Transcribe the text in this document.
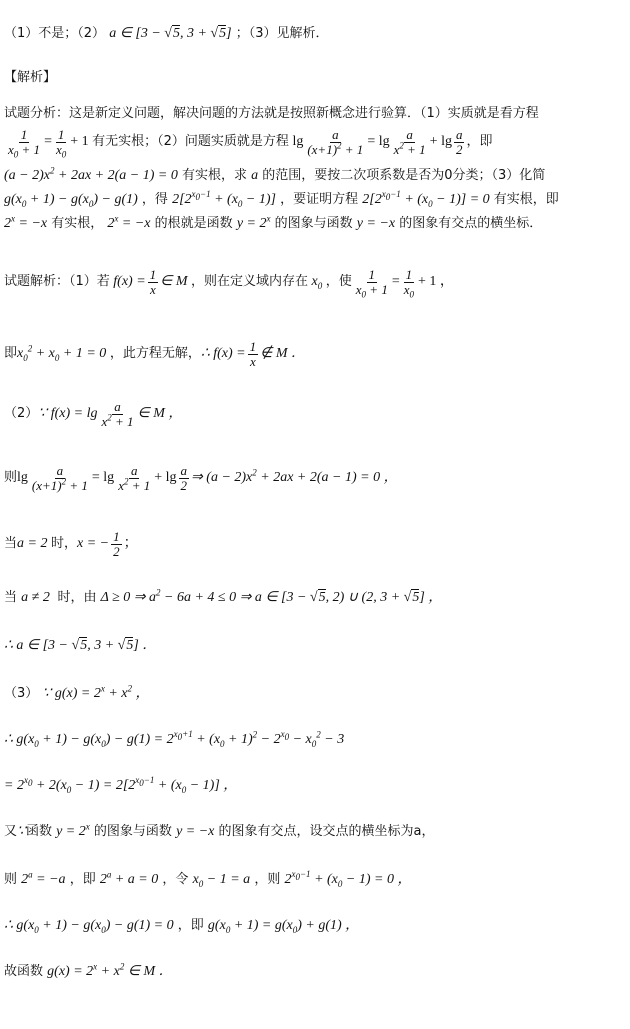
（1）不是；（2） a ∈ [3 − √5, 3 + √5] ；（3）见解析．
【解析】
试题分析：这是新定义问题，解决问题的方法就是按照新概念进行验算．（1）实质就是看方程
$\frac{1}{x_0 + 1} = \frac{1}{x_0} + 1$ 有无实根；（2）问题实质就是方程 $\lg \frac{a}{(x+1)^2 + 1} = \lg \frac{a}{x^2 + 1} + \lg \frac{a}{2}$ ，即
$(a - 2)x^2 + 2ax + 2(a - 1) = 0$ 有实根，求 a 的范围，要按二次项系数是否为0分类；（3）化简
$g(x_0 + 1) - g(x_0) - g(1)$ ，得 $2[2^{x_0-1} + (x_0 - 1)]$ ，要证明方程 $2[2^{x_0-1} + (x_0 - 1)] = 0$ 有实根，即
$2^x = -x$ 有实根， $2^x = -x$ 的根就是函数 $y = 2^x$ 的图象与函数 y = −x 的图象有交点的横坐标．
试题解析：（1）若 $f(x) = \frac{1}{x}$ ∈ M ，则在定义域内存在 $x_0$ ，使 $\frac{1}{x_0 + 1} = \frac{1}{x_0} + 1$ ，
即 $x_0^2 + x_0 + 1 = 0$ ，此方程无解， ∴ $f(x) = \frac{1}{x}$ ∉ M ．
（2） ∵ $f(x) = \lg \frac{a}{x^2 + 1}$ ∈ M ，
则 $\lg \frac{a}{(x+1)^2 + 1} = \lg \frac{a}{x^2 + 1} + \lg \frac{a}{2}$ ⇒ $(a - 2)x^2 + 2ax + 2(a - 1) = 0$ ，
当 a = 2 时， x = − $\frac{1}{2}$ ；
当 a ≠ 2  时，由 Δ ≥ 0 ⇒ $a^2 - 6a + 4 \le 0$ ⇒ a ∈ [3 − √5, 2) ∪ (2, 3 + √5] ，
∴ a ∈ [3 − √5, 3 + √5] ．
（3） ∵ $g(x) = 2^x + x^2$ ，
∴ $g(x_0 + 1) - g(x_0) - g(1) = 2^{x_0+1} + (x_0 + 1)^2 - 2^{x_0} - x_0^2 - 3$
= $2^{x_0} + 2(x_0 - 1) = 2[2^{x_0-1} + (x_0 - 1)]$ ，
又∵函数 $y = 2^x$ 的图象与函数 y = −x 的图象有交点，设交点的横坐标为a，
则 $2^a = -a$ ，即 $2^a + a = 0$ ，令 $x_0 - 1 = a$ ，则 $2^{x_0-1} + (x_0 - 1) = 0$ ，
∴ $g(x_0 + 1) - g(x_0) - g(1) = 0$ ，即 $g(x_0 + 1) = g(x_0) + g(1)$ ，
故函数 $g(x) = 2^x + x^2$ ∈ M ．
